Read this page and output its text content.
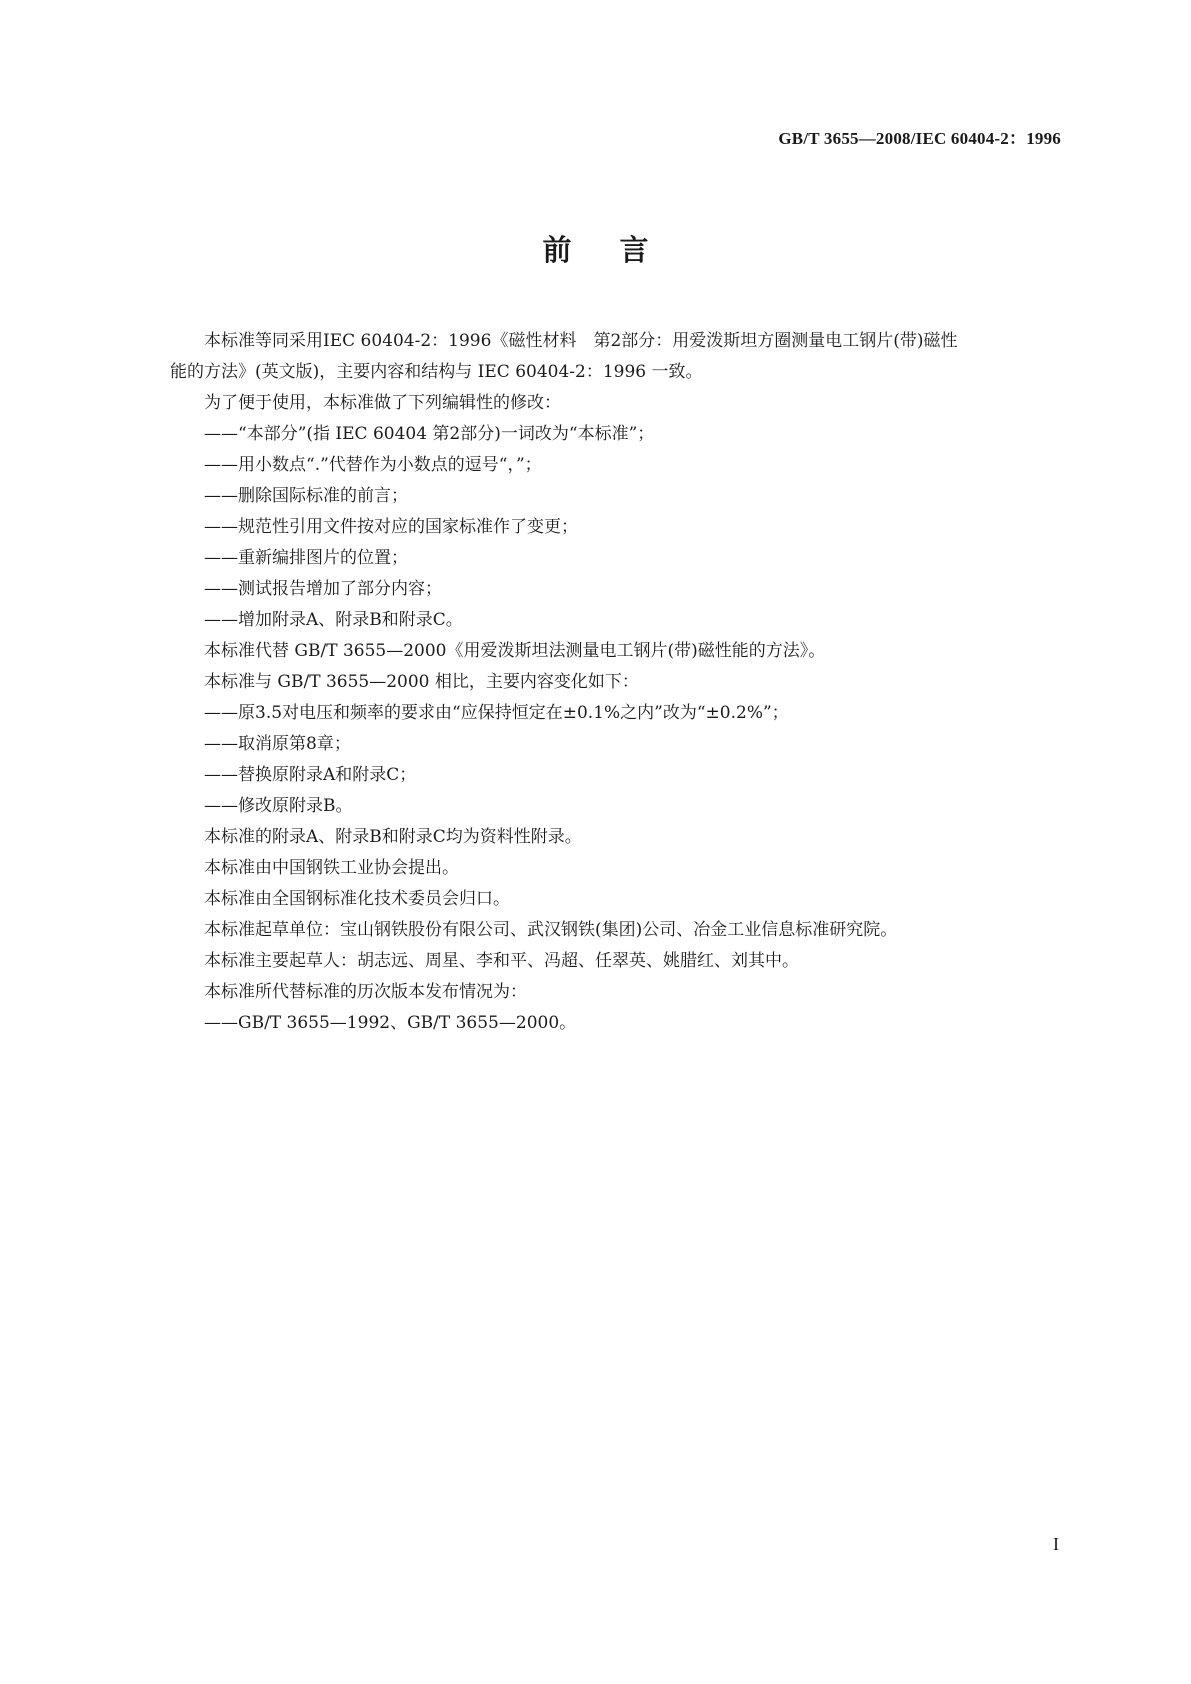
GB/T 3655—2008/IEC 60404-2：1996
前言

本标准等同采用IEC 60404-2：1996《磁性材料　第2部分：用爱泼斯坦方圈测量电工钢片(带)磁性

能的方法》(英文版)，主要内容和结构与 IEC 60404-2：1996 一致。

为了便于使用，本标准做了下列编辑性的修改：

——“本部分”(指 IEC 60404 第2部分)一词改为“本标准”；

——用小数点“.”代替作为小数点的逗号“，”；

——删除国际标准的前言；

——规范性引用文件按对应的国家标准作了变更；

——重新编排图片的位置；

——测试报告增加了部分内容；

——增加附录A、附录B和附录C。

本标准代替 GB/T 3655—2000《用爱泼斯坦法测量电工钢片(带)磁性能的方法》。

本标准与 GB/T 3655—2000 相比，主要内容变化如下：

——原3.5对电压和频率的要求由“应保持恒定在±0.1%之内”改为“±0.2%”；

——取消原第8章；

——替换原附录A和附录C；

——修改原附录B。

本标准的附录A、附录B和附录C均为资料性附录。

本标准由中国钢铁工业协会提出。

本标准由全国钢标准化技术委员会归口。

本标准起草单位：宝山钢铁股份有限公司、武汉钢铁(集团)公司、冶金工业信息标准研究院。

本标准主要起草人：胡志远、周星、李和平、冯超、任翠英、姚腊红、刘其中。

本标准所代替标准的历次版本发布情况为：

——GB/T 3655—1992、GB/T 3655—2000。

I
